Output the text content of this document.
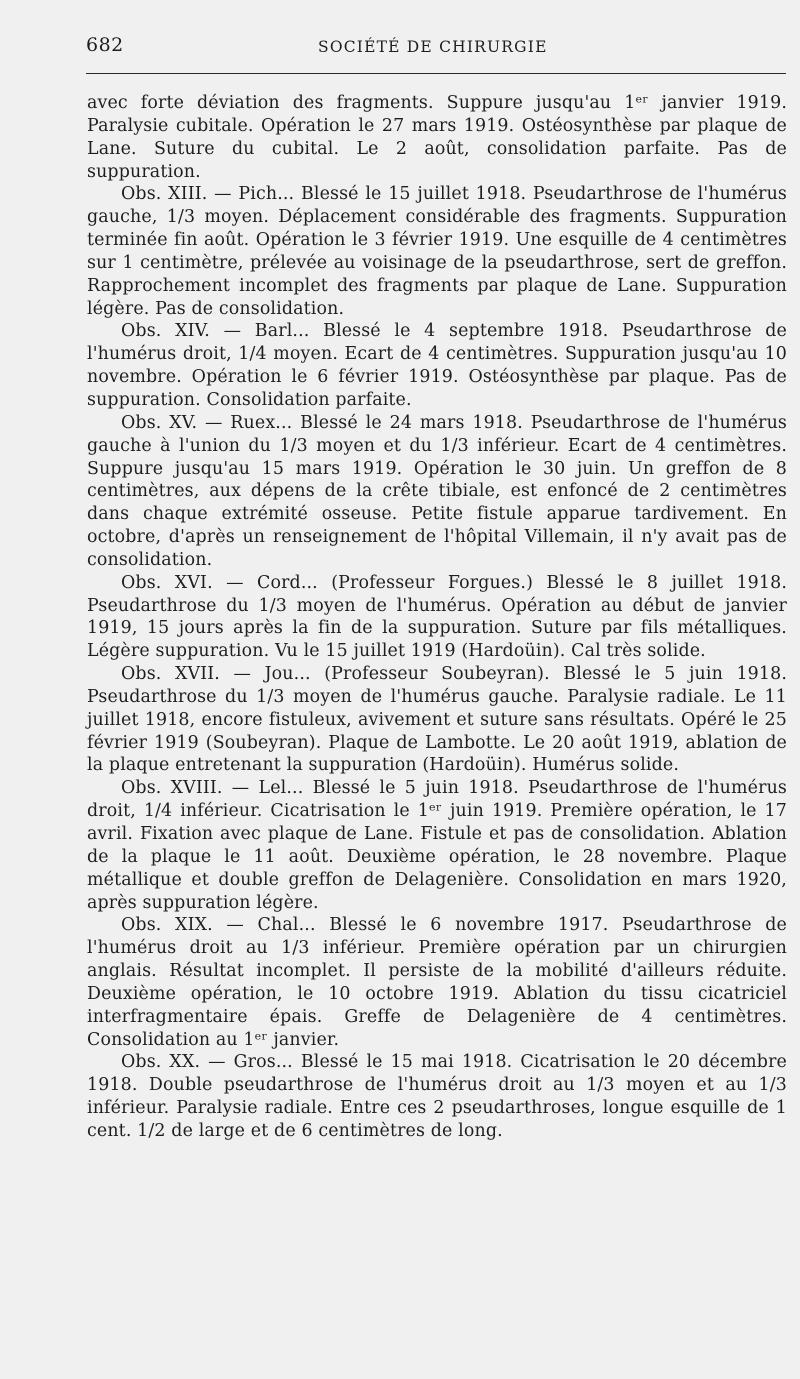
682	SOCIÉTÉ DE CHIRURGIE

avec forte déviation des fragments. Suppure jusqu'au 1ᵉʳ janvier 1919. Paralysie cubitale. Opération le 27 mars 1919. Ostéosynthèse par plaque de Lane. Suture du cubital. Le 2 août, consolidation parfaite. Pas de suppuration.

Obs. XIII. — Pich... Blessé le 15 juillet 1918. Pseudarthrose de l'humérus gauche, 1/3 moyen. Déplacement considérable des fragments. Suppuration terminée fin août. Opération le 3 février 1919. Une esquille de 4 centimètres sur 1 centimètre, prélevée au voisinage de la pseudarthrose, sert de greffon. Rapprochement incomplet des fragments par plaque de Lane. Suppuration légère. Pas de consolidation.

Obs. XIV. — Barl... Blessé le 4 septembre 1918. Pseudarthrose de l'humérus droit, 1/4 moyen. Ecart de 4 centimètres. Suppuration jusqu'au 10 novembre. Opération le 6 février 1919. Ostéosynthèse par plaque. Pas de suppuration. Consolidation parfaite.

Obs. XV. — Ruex... Blessé le 24 mars 1918. Pseudarthrose de l'humérus gauche à l'union du 1/3 moyen et du 1/3 inférieur. Ecart de 4 centimètres. Suppure jusqu'au 15 mars 1919. Opération le 30 juin. Un greffon de 8 centimètres, aux dépens de la crête tibiale, est enfoncé de 2 centimètres dans chaque extrémité osseuse. Petite fistule apparue tardivement. En octobre, d'après un renseignement de l'hôpital Villemain, il n'y avait pas de consolidation.

Obs. XVI. — Cord... (Professeur Forgues.) Blessé le 8 juillet 1918. Pseudarthrose du 1/3 moyen de l'humérus. Opération au début de janvier 1919, 15 jours après la fin de la suppuration. Suture par fils métalliques. Légère suppuration. Vu le 15 juillet 1919 (Hardoüin). Cal très solide.

Obs. XVII. — Jou... (Professeur Soubeyran). Blessé le 5 juin 1918. Pseudarthrose du 1/3 moyen de l'humérus gauche. Paralysie radiale. Le 11 juillet 1918, encore fistuleux, avivement et suture sans résultats. Opéré le 25 février 1919 (Soubeyran). Plaque de Lambotte. Le 20 août 1919, ablation de la plaque entretenant la suppuration (Hardoüin). Humérus solide.

Obs. XVIII. — Lel... Blessé le 5 juin 1918. Pseudarthrose de l'humérus droit, 1/4 inférieur. Cicatrisation le 1ᵉʳ juin 1919. Première opération, le 17 avril. Fixation avec plaque de Lane. Fistule et pas de consolidation. Ablation de la plaque le 11 août. Deuxième opération, le 28 novembre. Plaque métallique et double greffon de Delagenière. Consolidation en mars 1920, après suppuration légère.

Obs. XIX. — Chal... Blessé le 6 novembre 1917. Pseudarthrose de l'humérus droit au 1/3 inférieur. Première opération par un chirurgien anglais. Résultat incomplet. Il persiste de la mobilité d'ailleurs réduite. Deuxième opération, le 10 octobre 1919. Ablation du tissu cicatriciel interfragmentaire épais. Greffe de Delagenière de 4 centimètres. Consolidation au 1ᵉʳ janvier.

Obs. XX. — Gros... Blessé le 15 mai 1918. Cicatrisation le 20 décembre 1918. Double pseudarthrose de l'humérus droit au 1/3 moyen et au 1/3 inférieur. Paralysie radiale. Entre ces 2 pseudarthroses, longue esquille de 1 cent. 1/2 de large et de 6 centimètres de long.
